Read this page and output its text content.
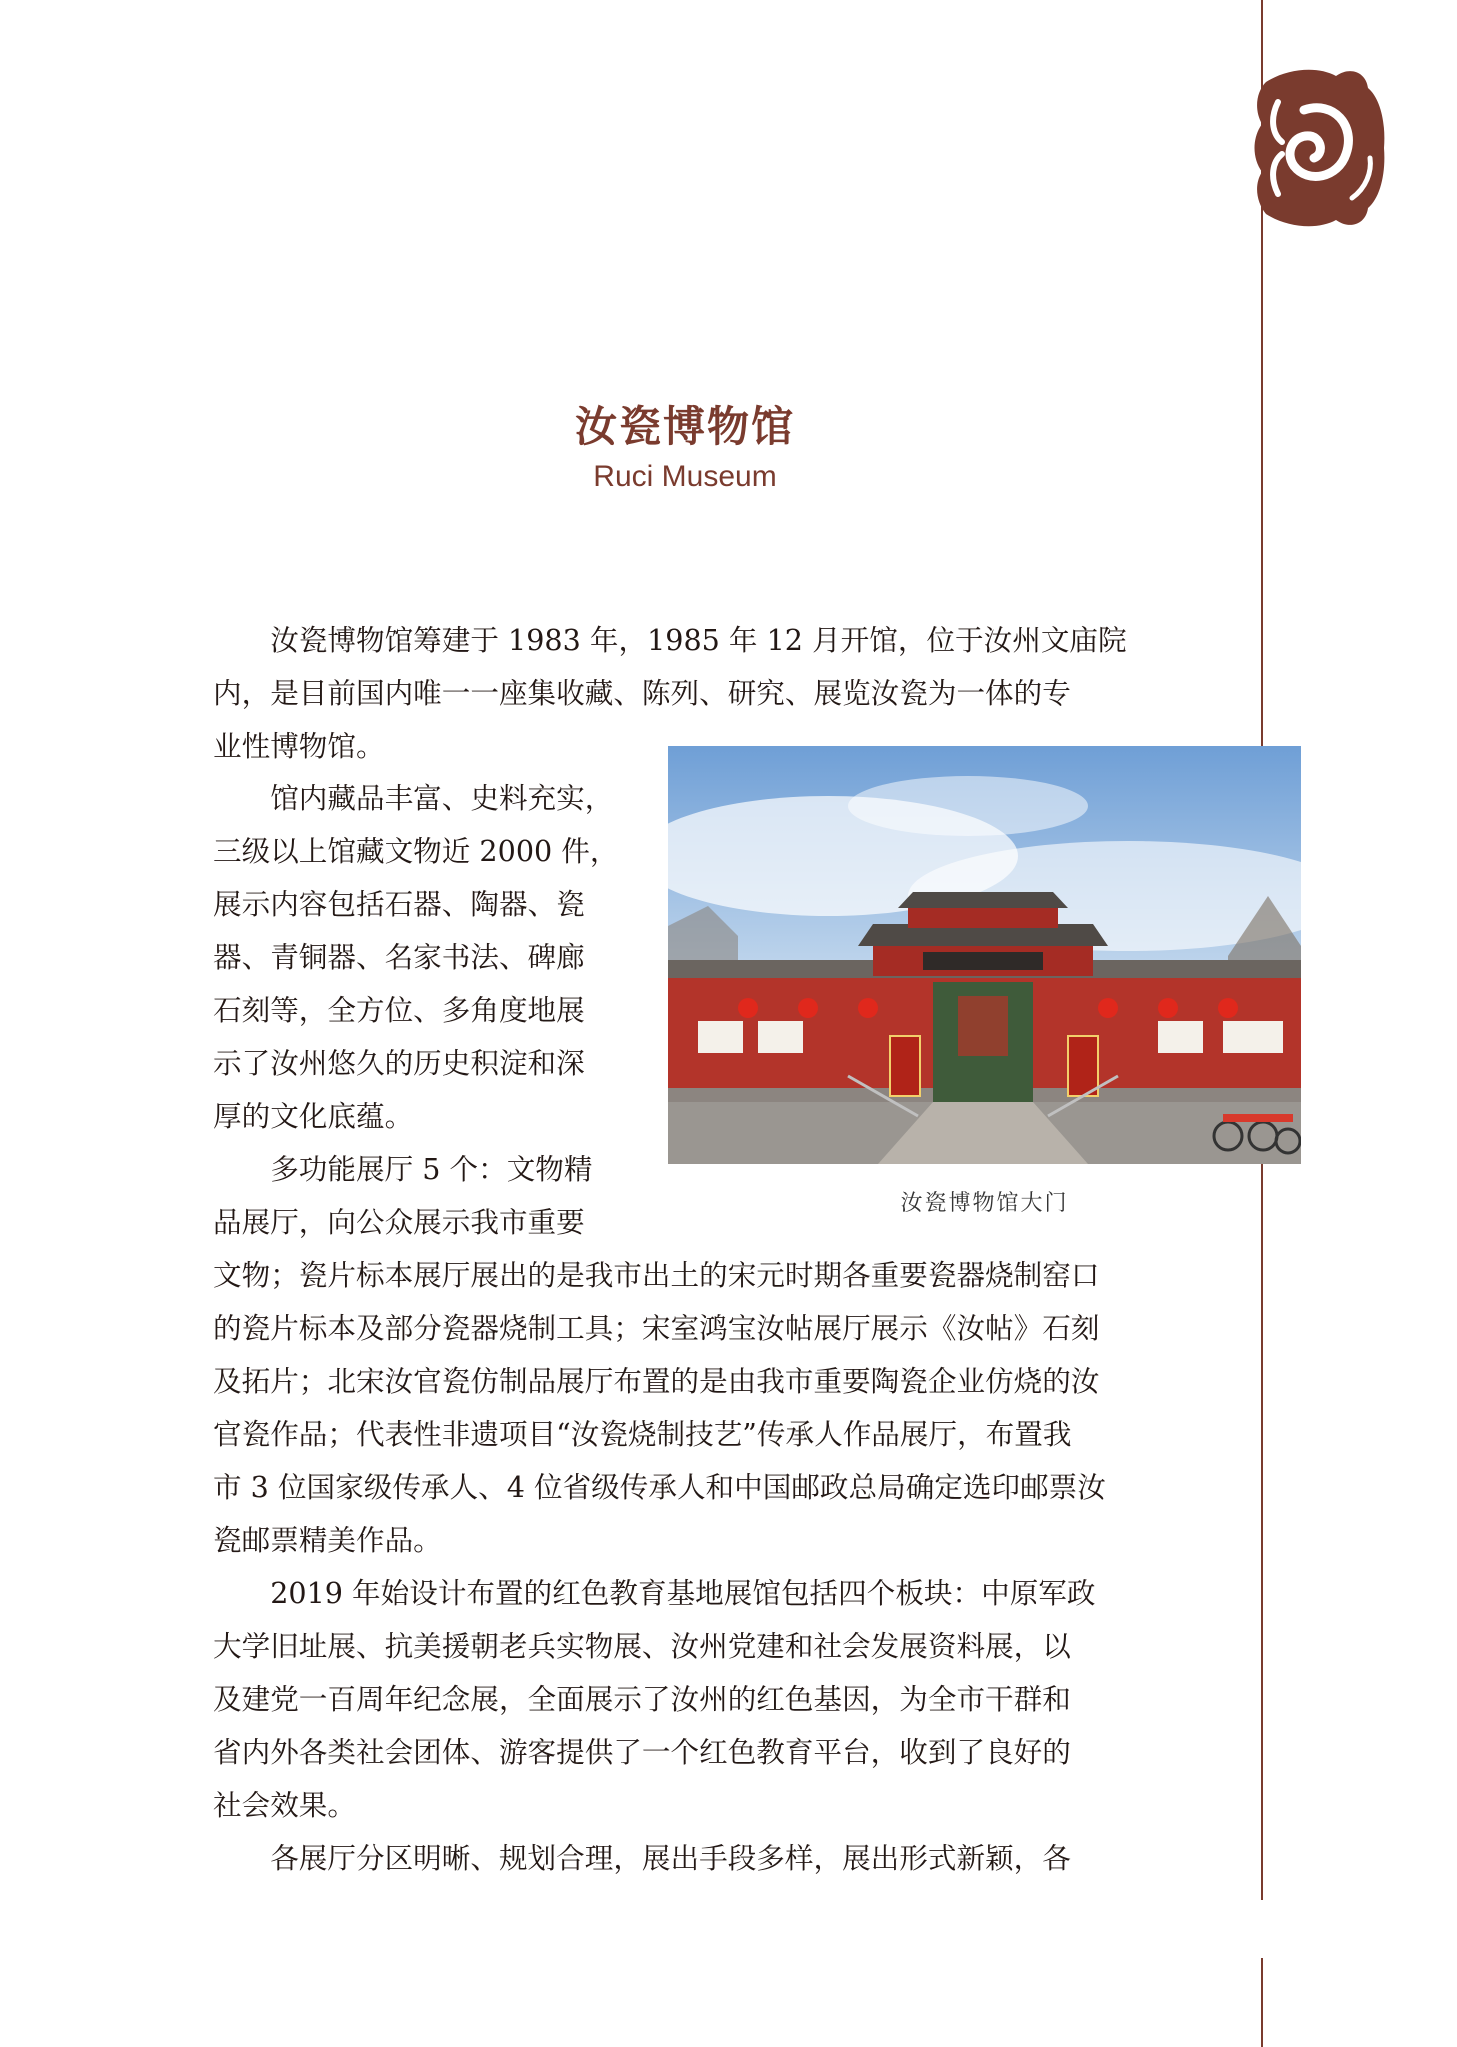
汝瓷博物馆
Ruci Museum
　　汝瓷博物馆筹建于 1983 年，1985 年 12 月开馆，位于汝州文庙院
内，是目前国内唯一一座集收藏、陈列、研究、展览汝瓷为一体的专
业性博物馆。
　　馆内藏品丰富、史料充实，
三级以上馆藏文物近 2000 件，
展示内容包括石器、陶器、瓷
器、青铜器、名家书法、碑廊
石刻等，全方位、多角度地展
示了汝州悠久的历史积淀和深
厚的文化底蕴。
　　多功能展厅 5 个：文物精
品展厅，向公众展示我市重要
文物；瓷片标本展厅展出的是我市出土的宋元时期各重要瓷器烧制窑口
的瓷片标本及部分瓷器烧制工具；宋室鸿宝汝帖展厅展示《汝帖》石刻
及拓片；北宋汝官瓷仿制品展厅布置的是由我市重要陶瓷企业仿烧的汝
官瓷作品；代表性非遗项目“汝瓷烧制技艺”传承人作品展厅，布置我
市 3 位国家级传承人、4 位省级传承人和中国邮政总局确定选印邮票汝
瓷邮票精美作品。
　　2019 年始设计布置的红色教育基地展馆包括四个板块：中原军政
大学旧址展、抗美援朝老兵实物展、汝州党建和社会发展资料展，以
及建党一百周年纪念展，全面展示了汝州的红色基因，为全市干群和
省内外各类社会团体、游客提供了一个红色教育平台，收到了良好的
社会效果。
　　各展厅分区明晰、规划合理，展出手段多样，展出形式新颖，各
汝瓷博物馆大门
